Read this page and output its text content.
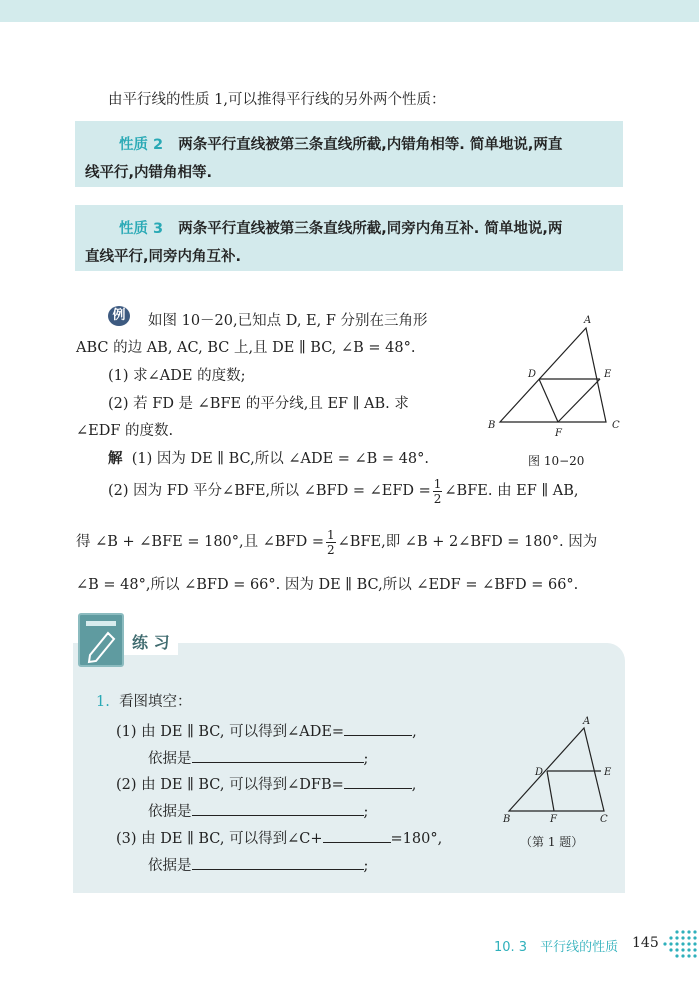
由平行线的性质 1,可以推得平行线的另外两个性质：
性质 2 两条平行直线被第三条直线所截,内错角相等. 简单地说,两直
线平行,内错角相等.
性质 3 两条平行直线被第三条直线所截,同旁内角互补. 简单地说,两
直线平行,同旁内角互补.
例	如图 10－20,已知点 D, E, F 分别在三角形
ABC 的边 AB, AC, BC 上,且 DE ∥ BC, ∠B = 48°.
(1) 求∠ADE 的度数;
(2) 若 FD 是 ∠BFE 的平分线,且 EF ∥ AB. 求
∠EDF 的度数.
解 (1) 因为 DE ∥ BC,所以 ∠ADE = ∠B = 48°.
A
B	C
D	E
F
图 10−20
(2) 因为 FD 平分∠BFE,所以 ∠BFD = ∠EFD = $\frac{1}{2}$ ∠BFE. 由 EF ∥ AB,
得 ∠B + ∠BFE = 180°,且 ∠BFD = $\frac{1}{2}$ ∠BFE,即 ∠B + 2∠BFD = 180°. 因为
∠B = 48°,所以 ∠BFD = 66°. 因为 DE ∥ BC,所以 ∠EDF = ∠BFD = 66°.
练 习
1. 看图填空：
(1) 由 DE ∥ BC, 可以得到∠ADE=	,
依据是	;
(2) 由 DE ∥ BC, 可以得到∠DFB=	,
依据是	;
(3) 由 DE ∥ BC, 可以得到∠C+	=180°,
依据是	;
A
B	C
D	E
F
（第 1 题）
10. 3　平行线的性质 145
